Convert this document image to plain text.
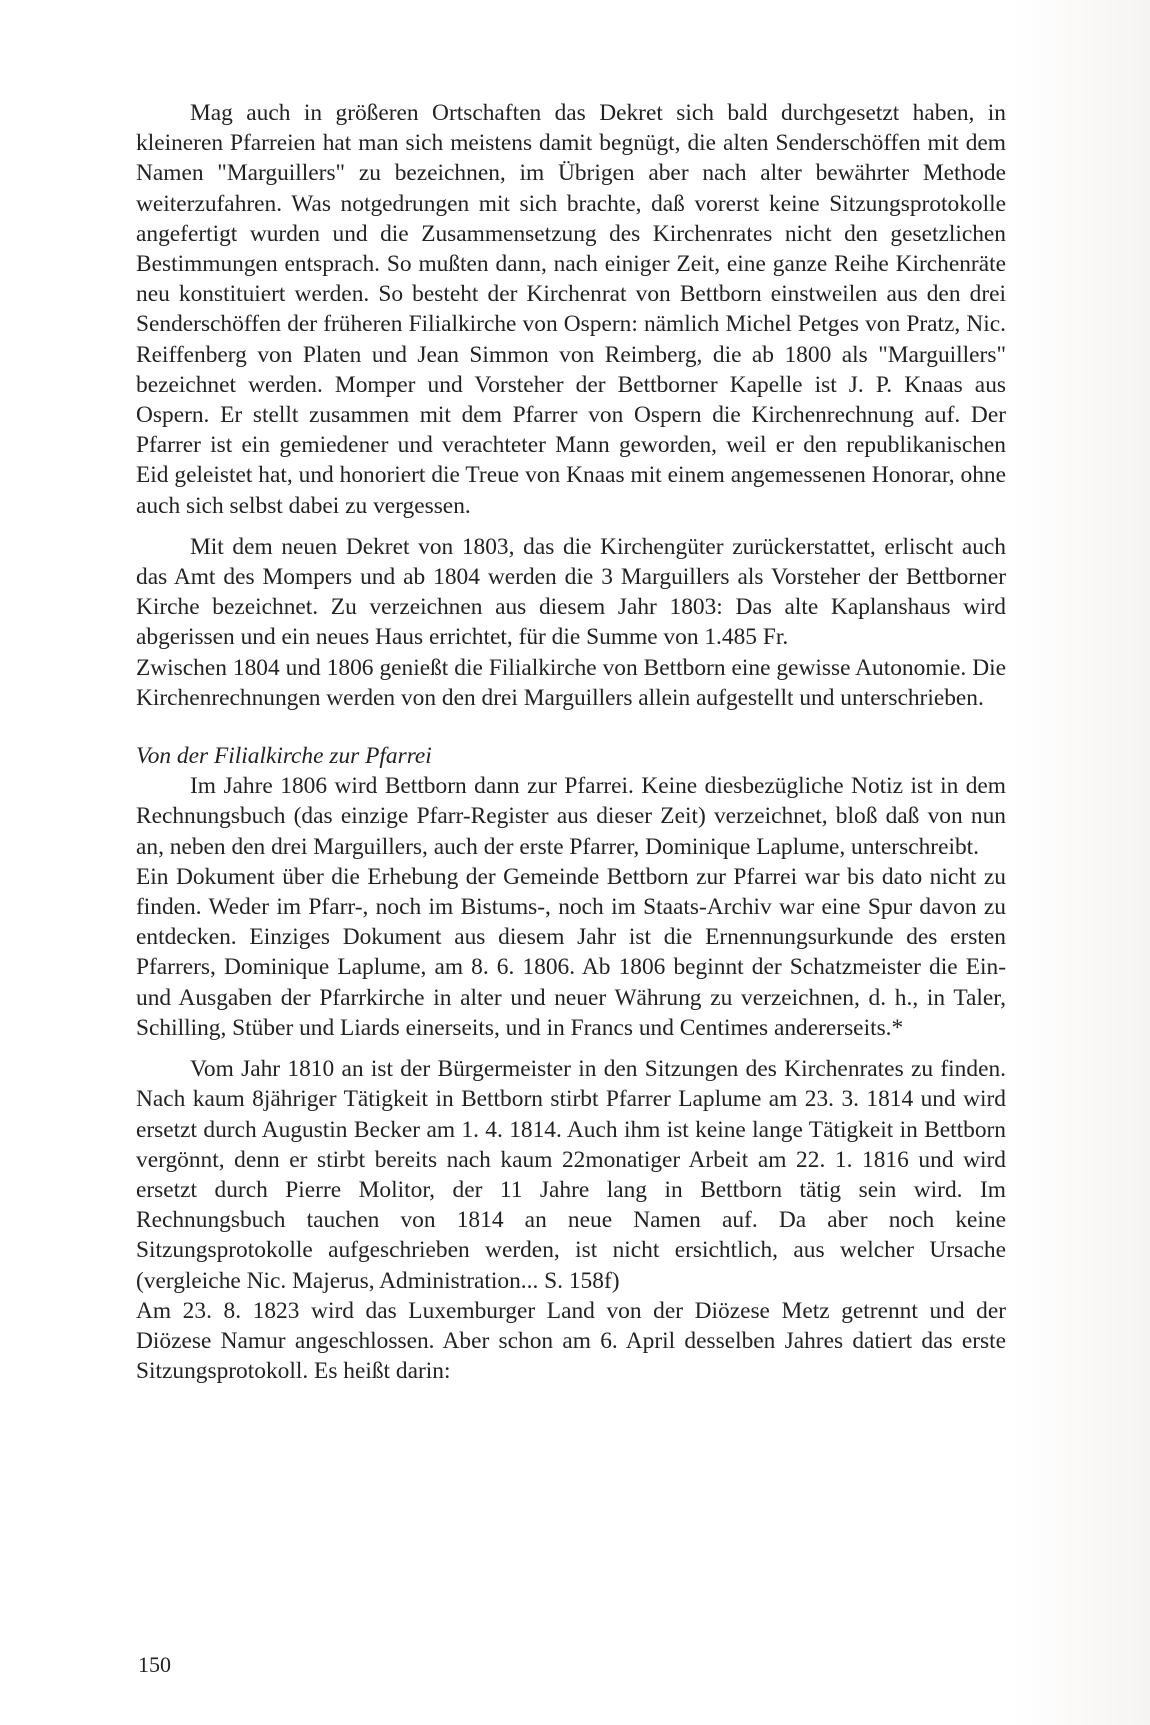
Mag auch in größeren Ortschaften das Dekret sich bald durchgesetzt haben, in kleineren Pfarreien hat man sich meistens damit begnügt, die alten Senderschöffen mit dem Namen "Marguillers" zu bezeichnen, im Übrigen aber nach alter bewährter Methode weiterzufahren. Was notgedrungen mit sich brachte, daß vorerst keine Sitzungsprotokolle angefertigt wurden und die Zusammensetzung des Kirchenrates nicht den gesetzlichen Bestimmungen entsprach. So mußten dann, nach einiger Zeit, eine ganze Reihe Kirchenräte neu konstituiert werden. So besteht der Kirchenrat von Bettborn einstweilen aus den drei Senderschöffen der früheren Filialkirche von Ospern: nämlich Michel Petges von Pratz, Nic. Reiffenberg von Platen und Jean Simmon von Reimberg, die ab 1800 als "Marguillers" bezeichnet werden. Momper und Vorsteher der Bettborner Kapelle ist J. P. Knaas aus Ospern. Er stellt zusammen mit dem Pfarrer von Ospern die Kirchenrechnung auf. Der Pfarrer ist ein gemiedener und verachteter Mann geworden, weil er den republikanischen Eid geleistet hat, und honoriert die Treue von Knaas mit einem angemessenen Honorar, ohne auch sich selbst dabei zu vergessen.

Mit dem neuen Dekret von 1803, das die Kirchengüter zurückerstattet, erlischt auch das Amt des Mompers und ab 1804 werden die 3 Marguillers als Vorsteher der Bettborner Kirche bezeichnet. Zu verzeichnen aus diesem Jahr 1803: Das alte Kaplanshaus wird abgerissen und ein neues Haus errichtet, für die Summe von 1.485 Fr.

Zwischen 1804 und 1806 genießt die Filialkirche von Bettborn eine gewisse Autonomie. Die Kirchenrechnungen werden von den drei Marguillers allein aufgestellt und unterschrieben.

Von der Filialkirche zur Pfarrei

Im Jahre 1806 wird Bettborn dann zur Pfarrei. Keine diesbezügliche Notiz ist in dem Rechnungsbuch (das einzige Pfarr-Register aus dieser Zeit) verzeichnet, bloß daß von nun an, neben den drei Marguillers, auch der erste Pfarrer, Dominique Laplume, unterschreibt.

Ein Dokument über die Erhebung der Gemeinde Bettborn zur Pfarrei war bis dato nicht zu finden. Weder im Pfarr-, noch im Bistums-, noch im Staats-Archiv war eine Spur davon zu entdecken. Einziges Dokument aus diesem Jahr ist die Ernennungsurkunde des ersten Pfarrers, Dominique Laplume, am 8. 6. 1806. Ab 1806 beginnt der Schatzmeister die Ein- und Ausgaben der Pfarrkirche in alter und neuer Währung zu verzeichnen, d. h., in Taler, Schilling, Stüber und Liards einerseits, und in Francs und Centimes andererseits.*

Vom Jahr 1810 an ist der Bürgermeister in den Sitzungen des Kirchenrates zu finden. Nach kaum 8jähriger Tätigkeit in Bettborn stirbt Pfarrer Laplume am 23. 3. 1814 und wird ersetzt durch Augustin Becker am 1. 4. 1814. Auch ihm ist keine lange Tätigkeit in Bettborn vergönnt, denn er stirbt bereits nach kaum 22monatiger Arbeit am 22. 1. 1816 und wird ersetzt durch Pierre Molitor, der 11 Jahre lang in Bettborn tätig sein wird. Im Rechnungsbuch tauchen von 1814 an neue Namen auf. Da aber noch keine Sitzungsprotokolle aufgeschrieben werden, ist nicht ersichtlich, aus welcher Ursache (vergleiche Nic. Majerus, Administration... S. 158f)

Am 23. 8. 1823 wird das Luxemburger Land von der Diözese Metz getrennt und der Diözese Namur angeschlossen. Aber schon am 6. April desselben Jahres datiert das erste Sitzungsprotokoll. Es heißt darin:

150
